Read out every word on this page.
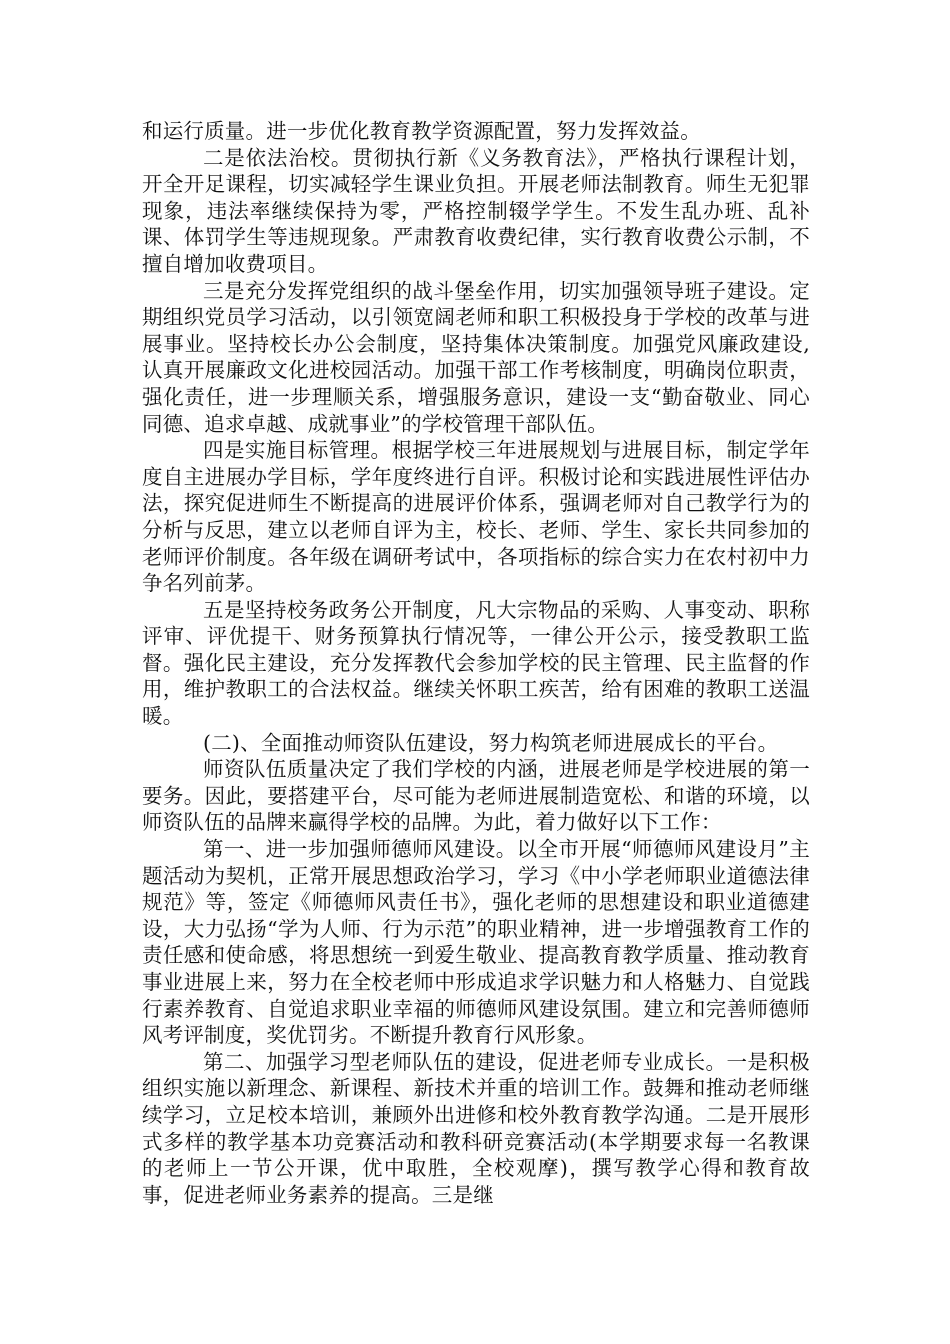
和运行质量。进一步优化教育教学资源配置，努力发挥效益。

二是依法治校。贯彻执行新《义务教育法》，严格执行课程计划，开全开足课程，切实减轻学生课业负担。开展老师法制教育。师生无犯罪现象，违法率继续保持为零，严格控制辍学学生。不发生乱办班、乱补课、体罚学生等违规现象。严肃教育收费纪律，实行教育收费公示制，不擅自增加收费项目。

三是充分发挥党组织的战斗堡垒作用，切实加强领导班子建设。定期组织党员学习活动，以引领宽阔老师和职工积极投身于学校的改革与进展事业。坚持校长办公会制度，坚持集体决策制度。加强党风廉政建设,认真开展廉政文化进校园活动。加强干部工作考核制度，明确岗位职责，强化责任，进一步理顺关系，增强服务意识，建设一支“勤奋敬业、同心同德、追求卓越、成就事业”的学校管理干部队伍。

四是实施目标管理。根据学校三年进展规划与进展目标，制定学年度自主进展办学目标，学年度终进行自评。积极讨论和实践进展性评估办法，探究促进师生不断提高的进展评价体系，强调老师对自己教学行为的分析与反思，建立以老师自评为主，校长、老师、学生、家长共同参加的老师评价制度。各年级在调研考试中，各项指标的综合实力在农村初中力争名列前茅。

五是坚持校务政务公开制度，凡大宗物品的采购、人事变动、职称评审、评优提干、财务预算执行情况等，一律公开公示，接受教职工监督。强化民主建设，充分发挥教代会参加学校的民主管理、民主监督的作用，维护教职工的合法权益。继续关怀职工疾苦，给有困难的教职工送温暖。

(二)、全面推动师资队伍建设，努力构筑老师进展成长的平台。

师资队伍质量决定了我们学校的内涵，进展老师是学校进展的第一要务。因此，要搭建平台，尽可能为老师进展制造宽松、和谐的环境，以师资队伍的品牌来赢得学校的品牌。为此，着力做好以下工作：

第一、进一步加强师德师风建设。以全市开展“师德师风建设月”主题活动为契机，正常开展思想政治学习，学习《中小学老师职业道德法律规范》等，签定《师德师风责任书》，强化老师的思想建设和职业道德建设，大力弘扬“学为人师、行为示范”的职业精神，进一步增强教育工作的责任感和使命感，将思想统一到爱生敬业、提高教育教学质量、推动教育事业进展上来，努力在全校老师中形成追求学识魅力和人格魅力、自觉践行素养教育、自觉追求职业幸福的师德师风建设氛围。建立和完善师德师风考评制度，奖优罚劣。不断提升教育行风形象。

第二、加强学习型老师队伍的建设，促进老师专业成长。一是积极组织实施以新理念、新课程、新技术并重的培训工作。鼓舞和推动老师继续学习，立足校本培训，兼顾外出进修和校外教育教学沟通。二是开展形式多样的教学基本功竞赛活动和教科研竞赛活动(本学期要求每一名教课的老师上一节公开课，优中取胜，全校观摩)，撰写教学心得和教育故事，促进老师业务素养的提高。三是继
